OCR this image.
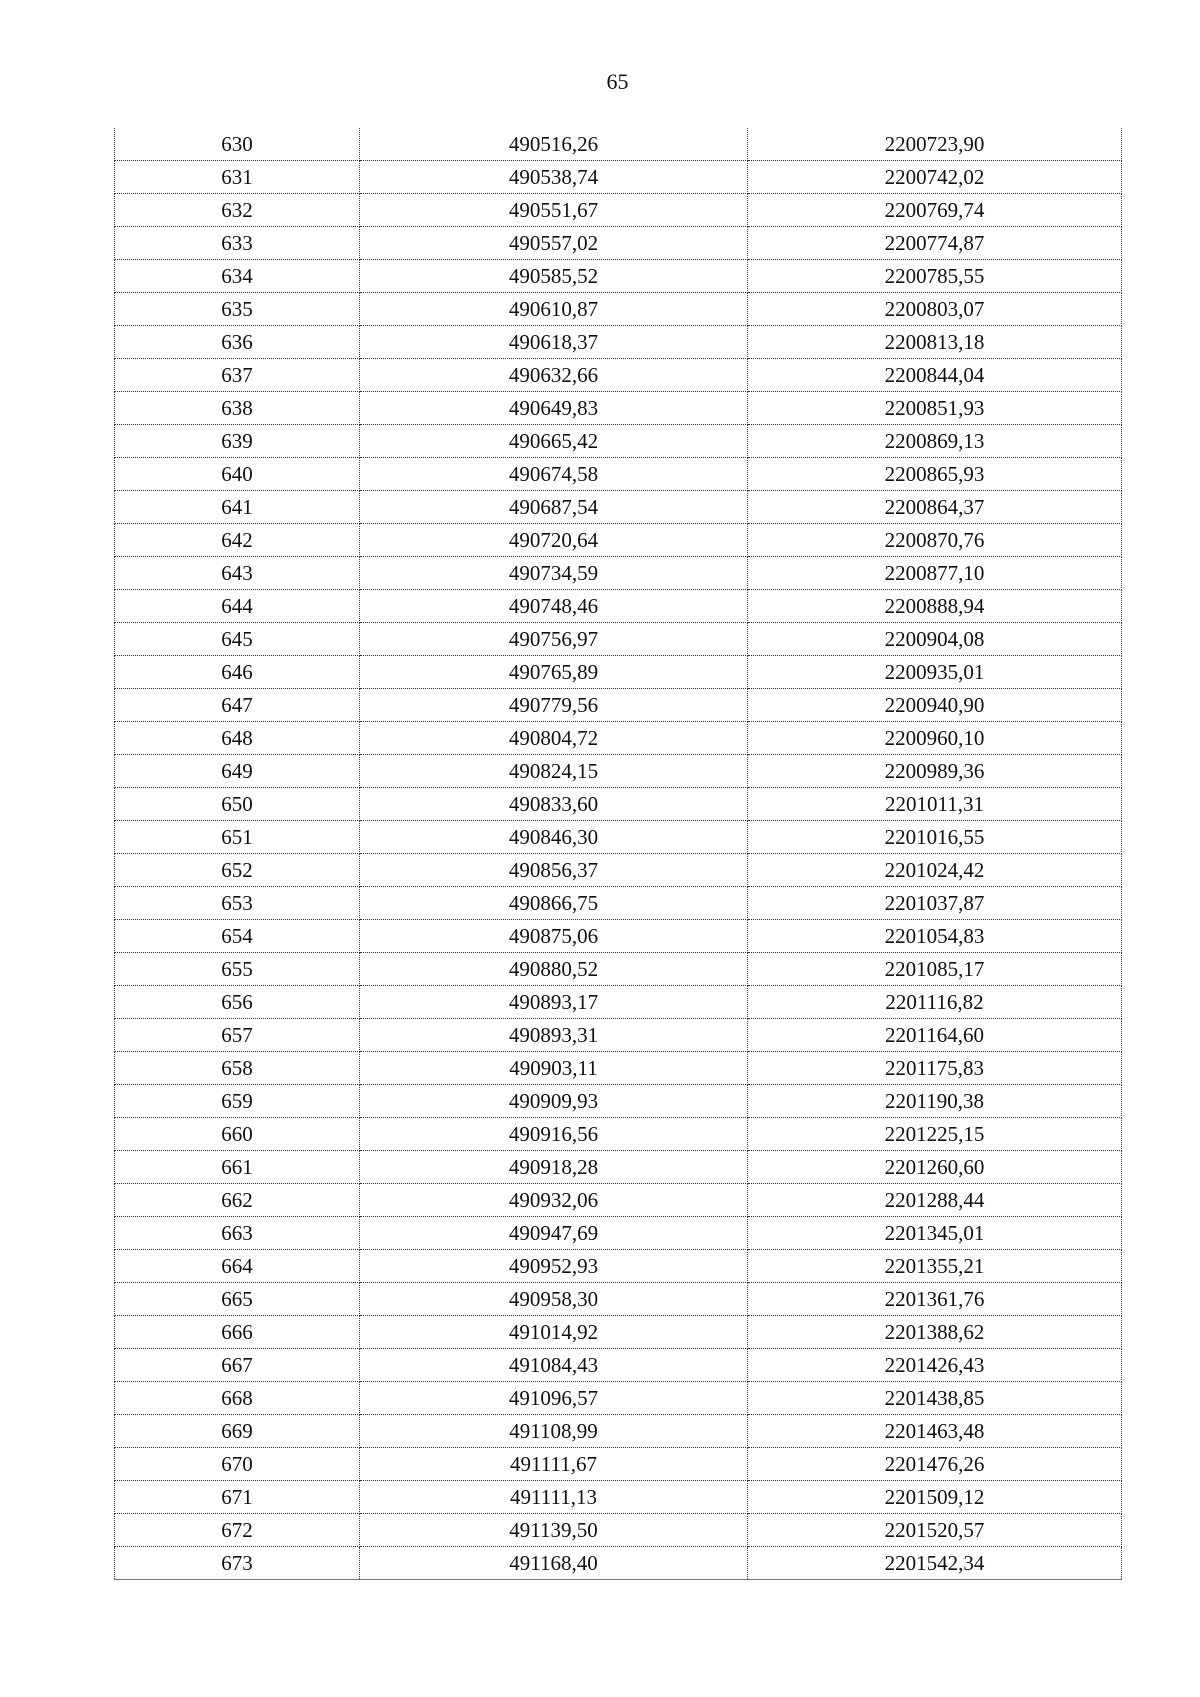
65
630	490516,26	2200723,90
631	490538,74	2200742,02
632	490551,67	2200769,74
633	490557,02	2200774,87
634	490585,52	2200785,55
635	490610,87	2200803,07
636	490618,37	2200813,18
637	490632,66	2200844,04
638	490649,83	2200851,93
639	490665,42	2200869,13
640	490674,58	2200865,93
641	490687,54	2200864,37
642	490720,64	2200870,76
643	490734,59	2200877,10
644	490748,46	2200888,94
645	490756,97	2200904,08
646	490765,89	2200935,01
647	490779,56	2200940,90
648	490804,72	2200960,10
649	490824,15	2200989,36
650	490833,60	2201011,31
651	490846,30	2201016,55
652	490856,37	2201024,42
653	490866,75	2201037,87
654	490875,06	2201054,83
655	490880,52	2201085,17
656	490893,17	2201116,82
657	490893,31	2201164,60
658	490903,11	2201175,83
659	490909,93	2201190,38
660	490916,56	2201225,15
661	490918,28	2201260,60
662	490932,06	2201288,44
663	490947,69	2201345,01
664	490952,93	2201355,21
665	490958,30	2201361,76
666	491014,92	2201388,62
667	491084,43	2201426,43
668	491096,57	2201438,85
669	491108,99	2201463,48
670	491111,67	2201476,26
671	491111,13	2201509,12
672	491139,50	2201520,57
673	491168,40	2201542,34
